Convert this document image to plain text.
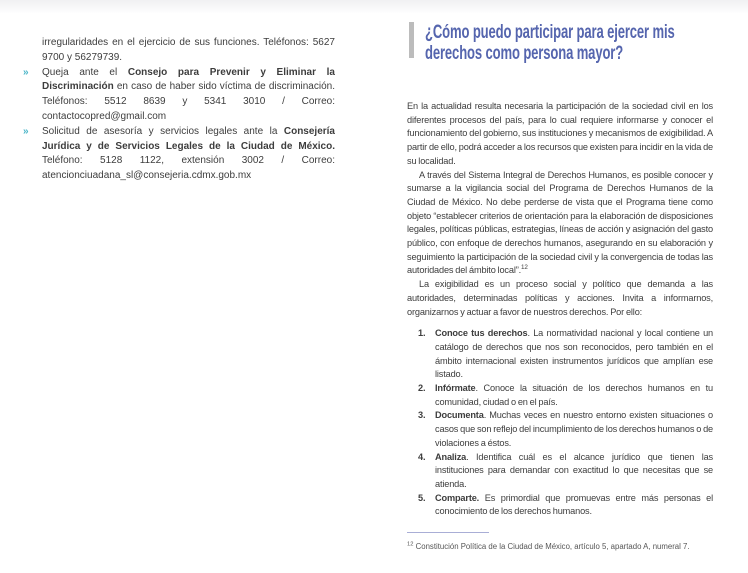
irregularidades en el ejercicio de sus funciones. Teléfonos: 5627 9700 y 56279739.
» Queja ante el Consejo para Prevenir y Eliminar la Discriminación en caso de haber sido víctima de discriminación. Teléfonos: 5512 8639 y 5341 3010 / Correo: contactocopred@gmail.com
» Solicitud de asesoría y servicios legales ante la Consejería Jurídica y de Servicios Legales de la Ciudad de México. Teléfono: 5128 1122, extensión 3002 / Correo: atencionciuadana_sl@consejeria.cdmx.gob.mx
¿Cómo puedo participar para ejercer mis
derechos como persona mayor?
En la actualidad resulta necesaria la participación de la sociedad civil en los diferentes procesos del país, para lo cual requiere informarse y conocer el funcionamiento del gobierno, sus instituciones y mecanismos de exigibilidad. A partir de ello, podrá acceder a los recursos que existen para incidir en la vida de su localidad.
A través del Sistema Integral de Derechos Humanos, es posible conocer y sumarse a la vigilancia social del Programa de Derechos Humanos de la Ciudad de México. No debe perderse de vista que el Programa tiene como objeto “establecer criterios de orientación para la elaboración de disposiciones legales, políticas públicas, estrategias, líneas de acción y asignación del gasto público, con enfoque de derechos humanos, asegurando en su elaboración y seguimiento la participación de la sociedad civil y la convergencia de todas las autoridades del ámbito local”.$^{12}$
La exigibilidad es un proceso social y político que demanda a las autoridades, determinadas políticas y acciones. Invita a informarnos, organizarnos y actuar a favor de nuestros derechos. Por ello:
1. Conoce tus derechos. La normatividad nacional y local contiene un catálogo de derechos que nos son reconocidos, pero también en el ámbito internacional existen instrumentos jurídicos que amplían ese listado.
2. Infórmate. Conoce la situación de los derechos humanos en tu comunidad, ciudad o en el país.
3. Documenta. Muchas veces en nuestro entorno existen situaciones o casos que son reflejo del incumplimiento de los derechos humanos o de violaciones a éstos.
4. Analiza. Identifica cuál es el alcance jurídico que tienen las instituciones para demandar con exactitud lo que necesitas que se atienda.
5. Comparte. Es primordial que promuevas entre más personas el conocimiento de los derechos humanos.
$^{12}$ Constitución Política de la Ciudad de México, artículo 5, apartado A, numeral 7.
